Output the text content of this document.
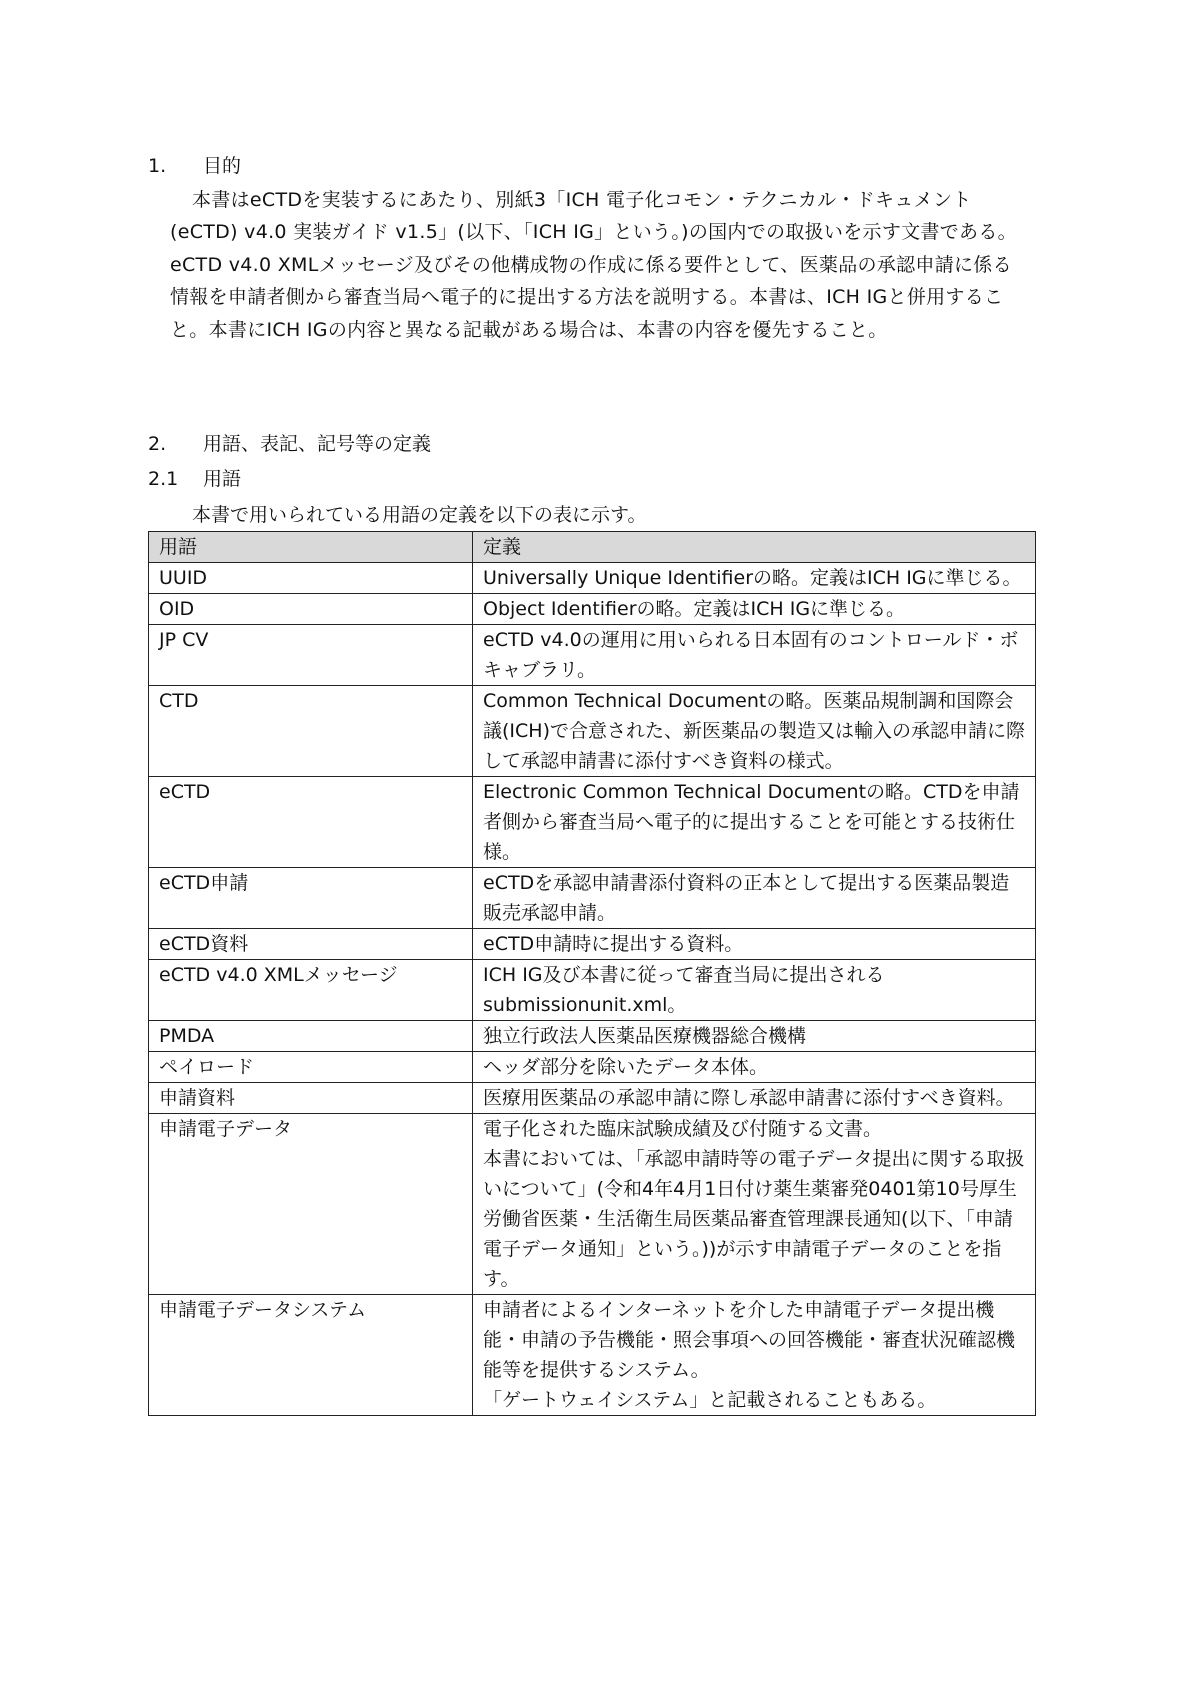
1. 目的

本書はeCTDを実装するにあたり、別紙3「ICH 電子化コモン・テクニカル・ドキュメント(eCTD) v4.0 実装ガイド v1.5」(以下、「ICH IG」という。)の国内での取扱いを示す文書である。eCTD v4.0 XMLメッセージ及びその他構成物の作成に係る要件として、医薬品の承認申請に係る情報を申請者側から審査当局へ電子的に提出する方法を説明する。本書は、ICH IGと併用すること。本書にICH IGの内容と異なる記載がある場合は、本書の内容を優先すること。

2. 用語、表記、記号等の定義
2.1 用語
本書で用いられている用語の定義を以下の表に示す。
用語	定義
UUID	Universally Unique Identifierの略。定義はICH IGに準じる。

OID	Object Identifierの略。定義はICH IGに準じる。

JP CV	eCTD v4.0の運用に用いられる日本固有のコントロールド・ボキャブラリ。

CTD	Common Technical Documentの略。医薬品規制調和国際会議(ICH)で合意された、新医薬品の製造又は輸入の承認申請に際して承認申請書に添付すべき資料の様式。

eCTD	Electronic Common Technical Documentの略。CTDを申請者側から審査当局へ電子的に提出することを可能とする技術仕様。

eCTD申請	eCTDを承認申請書添付資料の正本として提出する医薬品製造販売承認申請。

eCTD資料	eCTD申請時に提出する資料。

eCTD v4.0 XMLメッセージ	ICH IG及び本書に従って審査当局に提出される submissionunit.xml。

PMDA	独立行政法人医薬品医療機器総合機構

ペイロード	ヘッダ部分を除いたデータ本体。

申請資料	医療用医薬品の承認申請に際し承認申請書に添付すべき資料。

申請電子データ	電子化された臨床試験成績及び付随する文書。
本書においては、「承認申請時等の電子データ提出に関する取扱いについて」(令和4年4月1日付け薬生薬審発0401第10号厚生労働省医薬・生活衛生局医薬品審査管理課長通知(以下、「申請電子データ通知」という。))が示す申請電子データのことを指す。

申請電子データシステム	申請者によるインターネットを介した申請電子データ提出機能・申請の予告機能・照会事項への回答機能・審査状況確認機能等を提供するシステム。
「ゲートウェイシステム」と記載されることもある。
